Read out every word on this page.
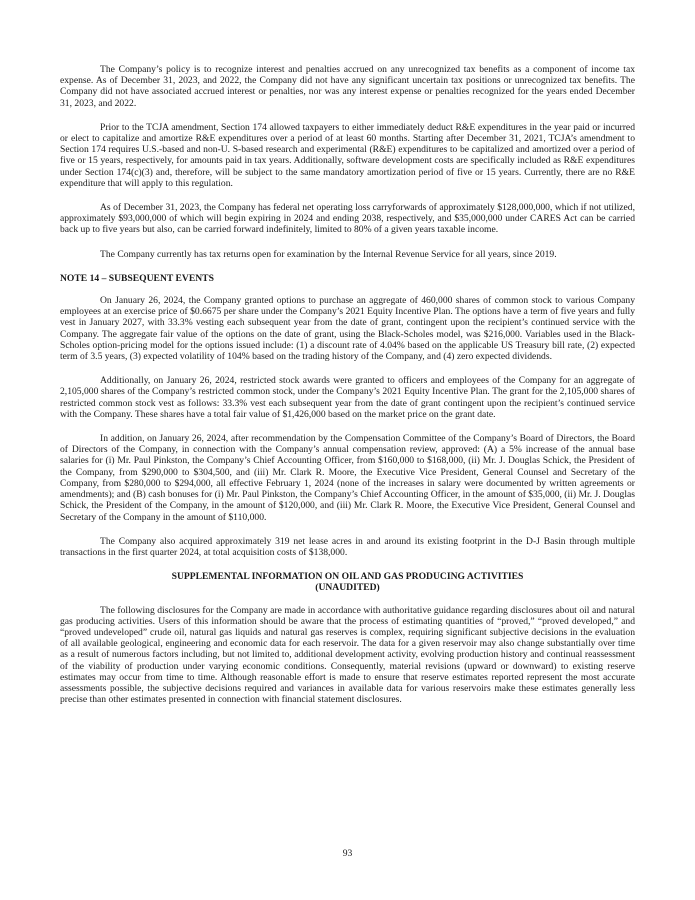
The Company’s policy is to recognize interest and penalties accrued on any unrecognized tax benefits as a component of income tax expense. As of December 31, 2023, and 2022, the Company did not have any significant uncertain tax positions or unrecognized tax benefits. The Company did not have associated accrued interest or penalties, nor was any interest expense or penalties recognized for the years ended December 31, 2023, and 2022.

Prior to the TCJA amendment, Section 174 allowed taxpayers to either immediately deduct R&E expenditures in the year paid or incurred or elect to capitalize and amortize R&E expenditures over a period of at least 60 months. Starting after December 31, 2021, TCJA’s amendment to Section 174 requires U.S.-based and non-U. S-based research and experimental (R&E) expenditures to be capitalized and amortized over a period of five or 15 years, respectively, for amounts paid in tax years. Additionally, software development costs are specifically included as R&E expenditures under Section 174(c)(3) and, therefore, will be subject to the same mandatory amortization period of five or 15 years. Currently, there are no R&E expenditure that will apply to this regulation.

As of December 31, 2023, the Company has federal net operating loss carryforwards of approximately $128,000,000, which if not utilized, approximately $93,000,000 of which will begin expiring in 2024 and ending 2038, respectively, and $35,000,000 under CARES Act can be carried back up to five years but also, can be carried forward indefinitely, limited to 80% of a given years taxable income.

The Company currently has tax returns open for examination by the Internal Revenue Service for all years, since 2019.

NOTE 14 – SUBSEQUENT EVENTS

On January 26, 2024, the Company granted options to purchase an aggregate of 460,000 shares of common stock to various Company employees at an exercise price of $0.6675 per share under the Company’s 2021 Equity Incentive Plan. The options have a term of five years and fully vest in January 2027, with 33.3% vesting each subsequent year from the date of grant, contingent upon the recipient’s continued service with the Company. The aggregate fair value of the options on the date of grant, using the Black-Scholes model, was $216,000. Variables used in the Black-Scholes option-pricing model for the options issued include: (1) a discount rate of 4.04% based on the applicable US Treasury bill rate, (2) expected term of 3.5 years, (3) expected volatility of 104% based on the trading history of the Company, and (4) zero expected dividends.

Additionally, on January 26, 2024, restricted stock awards were granted to officers and employees of the Company for an aggregate of 2,105,000 shares of the Company’s restricted common stock, under the Company’s 2021 Equity Incentive Plan. The grant for the 2,105,000 shares of restricted common stock vest as follows: 33.3% vest each subsequent year from the date of grant contingent upon the recipient’s continued service with the Company. These shares have a total fair value of $1,426,000 based on the market price on the grant date.

In addition, on January 26, 2024, after recommendation by the Compensation Committee of the Company’s Board of Directors, the Board of Directors of the Company, in connection with the Company’s annual compensation review, approved: (A) a 5% increase of the annual base salaries for (i) Mr. Paul Pinkston, the Company’s Chief Accounting Officer, from $160,000 to $168,000, (ii) Mr. J. Douglas Schick, the President of the Company, from $290,000 to $304,500, and (iii) Mr. Clark R. Moore, the Executive Vice President, General Counsel and Secretary of the Company, from $280,000 to $294,000, all effective February 1, 2024 (none of the increases in salary were documented by written agreements or amendments); and (B) cash bonuses for (i) Mr. Paul Pinkston, the Company’s Chief Accounting Officer, in the amount of $35,000, (ii) Mr. J. Douglas Schick, the President of the Company, in the amount of $120,000, and (iii) Mr. Clark R. Moore, the Executive Vice President, General Counsel and Secretary of the Company in the amount of $110,000.

The Company also acquired approximately 319 net lease acres in and around its existing footprint in the D-J Basin through multiple transactions in the first quarter 2024, at total acquisition costs of $138,000.

SUPPLEMENTAL INFORMATION ON OIL AND GAS PRODUCING ACTIVITIES
(UNAUDITED)

The following disclosures for the Company are made in accordance with authoritative guidance regarding disclosures about oil and natural gas producing activities. Users of this information should be aware that the process of estimating quantities of “proved,” “proved developed,” and “proved undeveloped” crude oil, natural gas liquids and natural gas reserves is complex, requiring significant subjective decisions in the evaluation of all available geological, engineering and economic data for each reservoir. The data for a given reservoir may also change substantially over time as a result of numerous factors including, but not limited to, additional development activity, evolving production history and continual reassessment of the viability of production under varying economic conditions. Consequently, material revisions (upward or downward) to existing reserve estimates may occur from time to time. Although reasonable effort is made to ensure that reserve estimates reported represent the most accurate assessments possible, the subjective decisions required and variances in available data for various reservoirs make these estimates generally less precise than other estimates presented in connection with financial statement disclosures.

93
